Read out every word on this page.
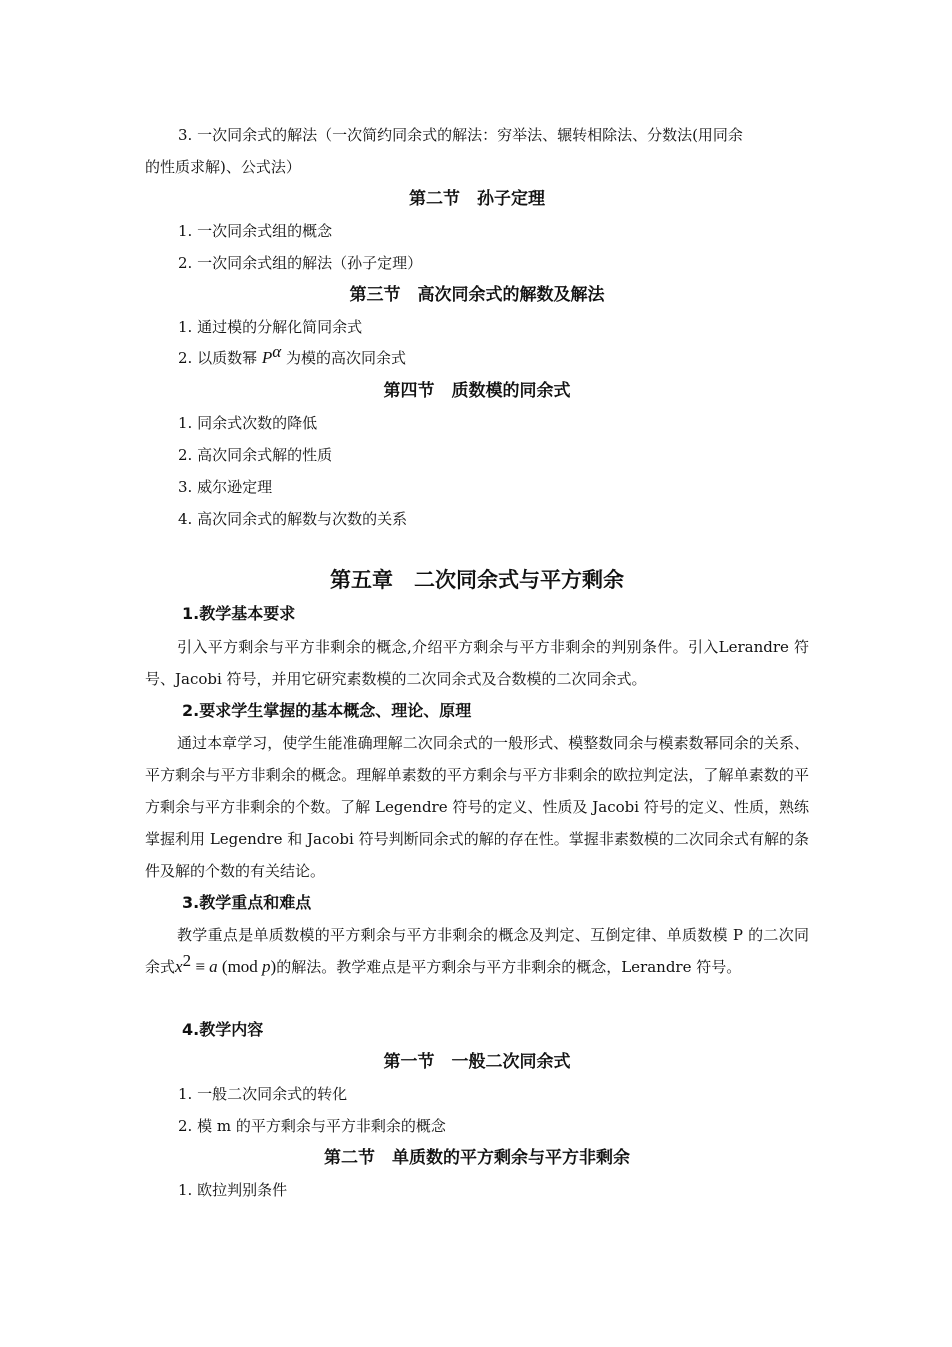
3. 一次同余式的解法（一次简约同余式的解法：穷举法、辗转相除法、分数法(用同余
的性质求解)、公式法）
第二节　孙子定理
1. 一次同余式组的概念
2. 一次同余式组的解法（孙子定理）
第三节　高次同余式的解数及解法
1. 通过模的分解化简同余式
2. 以质数幂 $P^\alpha$ 为模的高次同余式
第四节　质数模的同余式
1. 同余式次数的降低
2. 高次同余式解的性质
3. 威尔逊定理
4. 高次同余式的解数与次数的关系
第五章　二次同余式与平方剩余
1.教学基本要求
引入平方剩余与平方非剩余的概念,介绍平方剩余与平方非剩余的判别条件。引入Lerandre 符号、Jacobi 符号，并用它研究素数模的二次同余式及合数模的二次同余式。
2.要求学生掌握的基本概念、理论、原理
通过本章学习，使学生能准确理解二次同余式的一般形式、模整数同余与模素数幂同余的关系、平方剩余与平方非剩余的概念。理解单素数的平方剩余与平方非剩余的欧拉判定法，了解单素数的平方剩余与平方非剩余的个数。了解 Legendre 符号的定义、性质及 Jacobi 符号的定义、性质，熟练掌握利用 Legendre 和 Jacobi 符号判断同余式的解的存在性。掌握非素数模的二次同余式有解的条件及解的个数的有关结论。
3.教学重点和难点
教学重点是单质数模的平方剩余与平方非剩余的概念及判定、互倒定律、单质数模 P 的二次同余式$x^2 \equiv a$ (mod p)的解法。教学难点是平方剩余与平方非剩余的概念，Lerandre 符号。
4.教学内容
第一节　一般二次同余式
1. 一般二次同余式的转化
2. 模 m 的平方剩余与平方非剩余的概念
第二节　单质数的平方剩余与平方非剩余
1. 欧拉判别条件
